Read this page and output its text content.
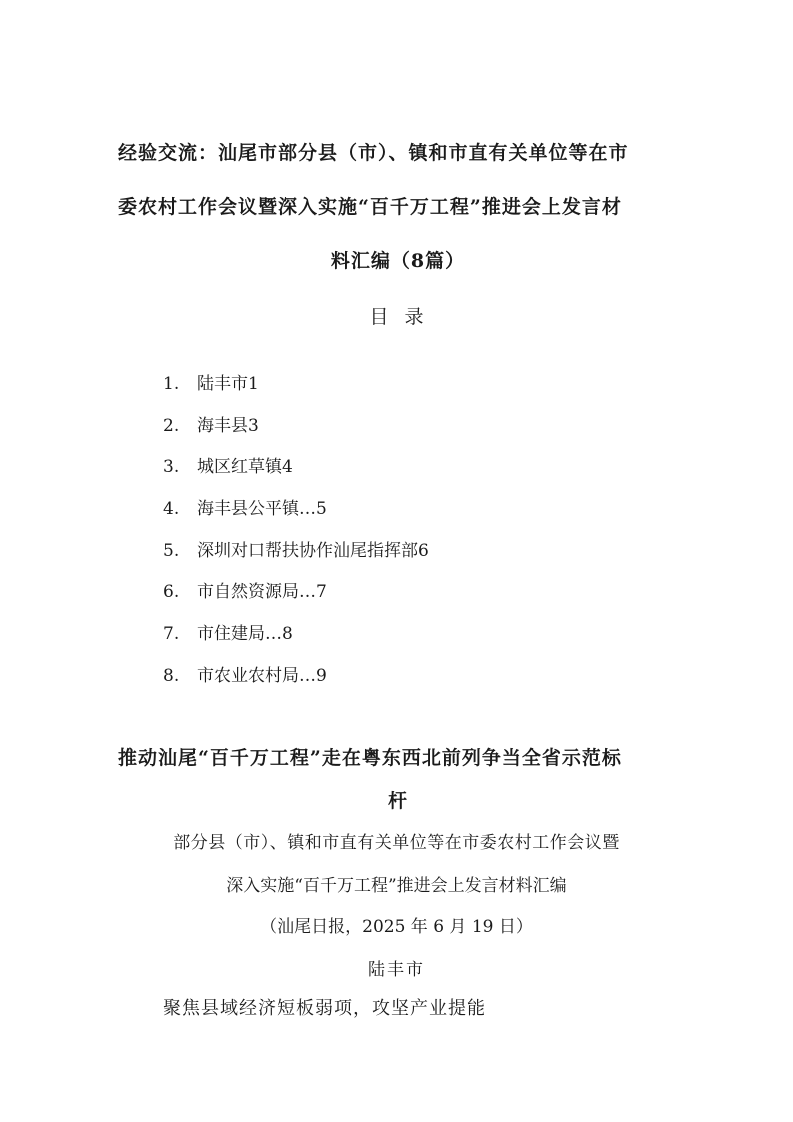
经验交流：汕尾市部分县（市）、镇和市直有关单位等在市
委农村工作会议暨深入实施“百千万工程”推进会上发言材
料汇编（8篇）
目录
1. 陆丰市1
2. 海丰县3
3. 城区红草镇4
4. 海丰县公平镇…5
5. 深圳对口帮扶协作汕尾指挥部6
6. 市自然资源局…7
7. 市住建局…8
8. 市农业农村局…9
推动汕尾“百千万工程”走在粤东西北前列争当全省示范标
杆
部分县（市）、镇和市直有关单位等在市委农村工作会议暨
深入实施“百千万工程”推进会上发言材料汇编
（汕尾日报，2025 年 6 月 19 日）
陆丰市
聚焦县域经济短板弱项，攻坚产业提能
